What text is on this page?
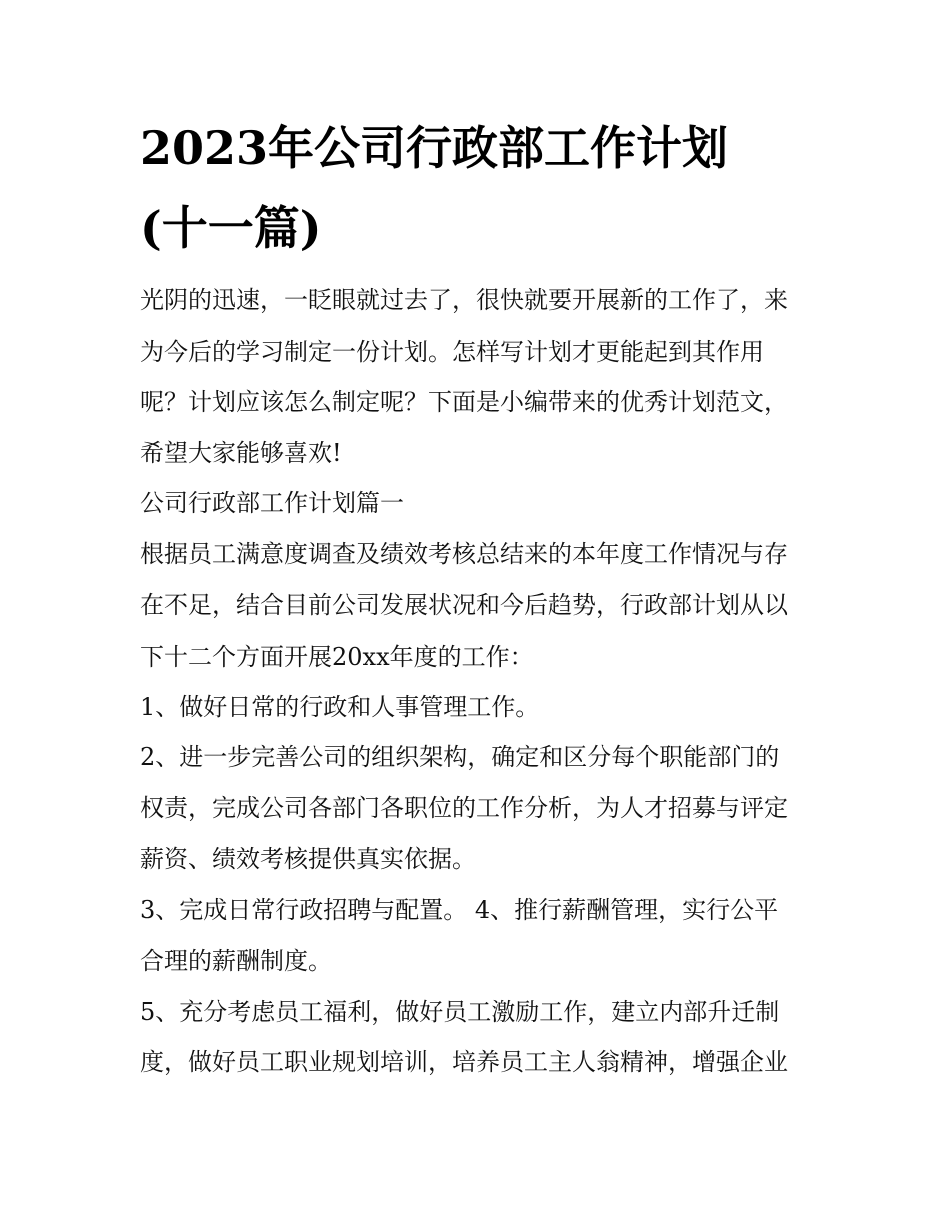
2023年公司行政部工作计划
(十一篇)

光阴的迅速，一眨眼就过去了，很快就要开展新的工作了，来

为今后的学习制定一份计划。怎样写计划才更能起到其作用

呢？计划应该怎么制定呢？下面是小编带来的优秀计划范文，

希望大家能够喜欢!

公司行政部工作计划篇一

根据员工满意度调查及绩效考核总结来的本年度工作情况与存

在不足，结合目前公司发展状况和今后趋势，行政部计划从以

下十二个方面开展20xx年度的工作：

1、做好日常的行政和人事管理工作。

2、进一步完善公司的组织架构，确定和区分每个职能部门的

权责，完成公司各部门各职位的工作分析，为人才招募与评定

薪资、绩效考核提供真实依据。

3、完成日常行政招聘与配置。 4、推行薪酬管理，实行公平

合理的薪酬制度。

5、充分考虑员工福利，做好员工激励工作，建立内部升迁制

度，做好员工职业规划培训，培养员工主人翁精神，增强企业
